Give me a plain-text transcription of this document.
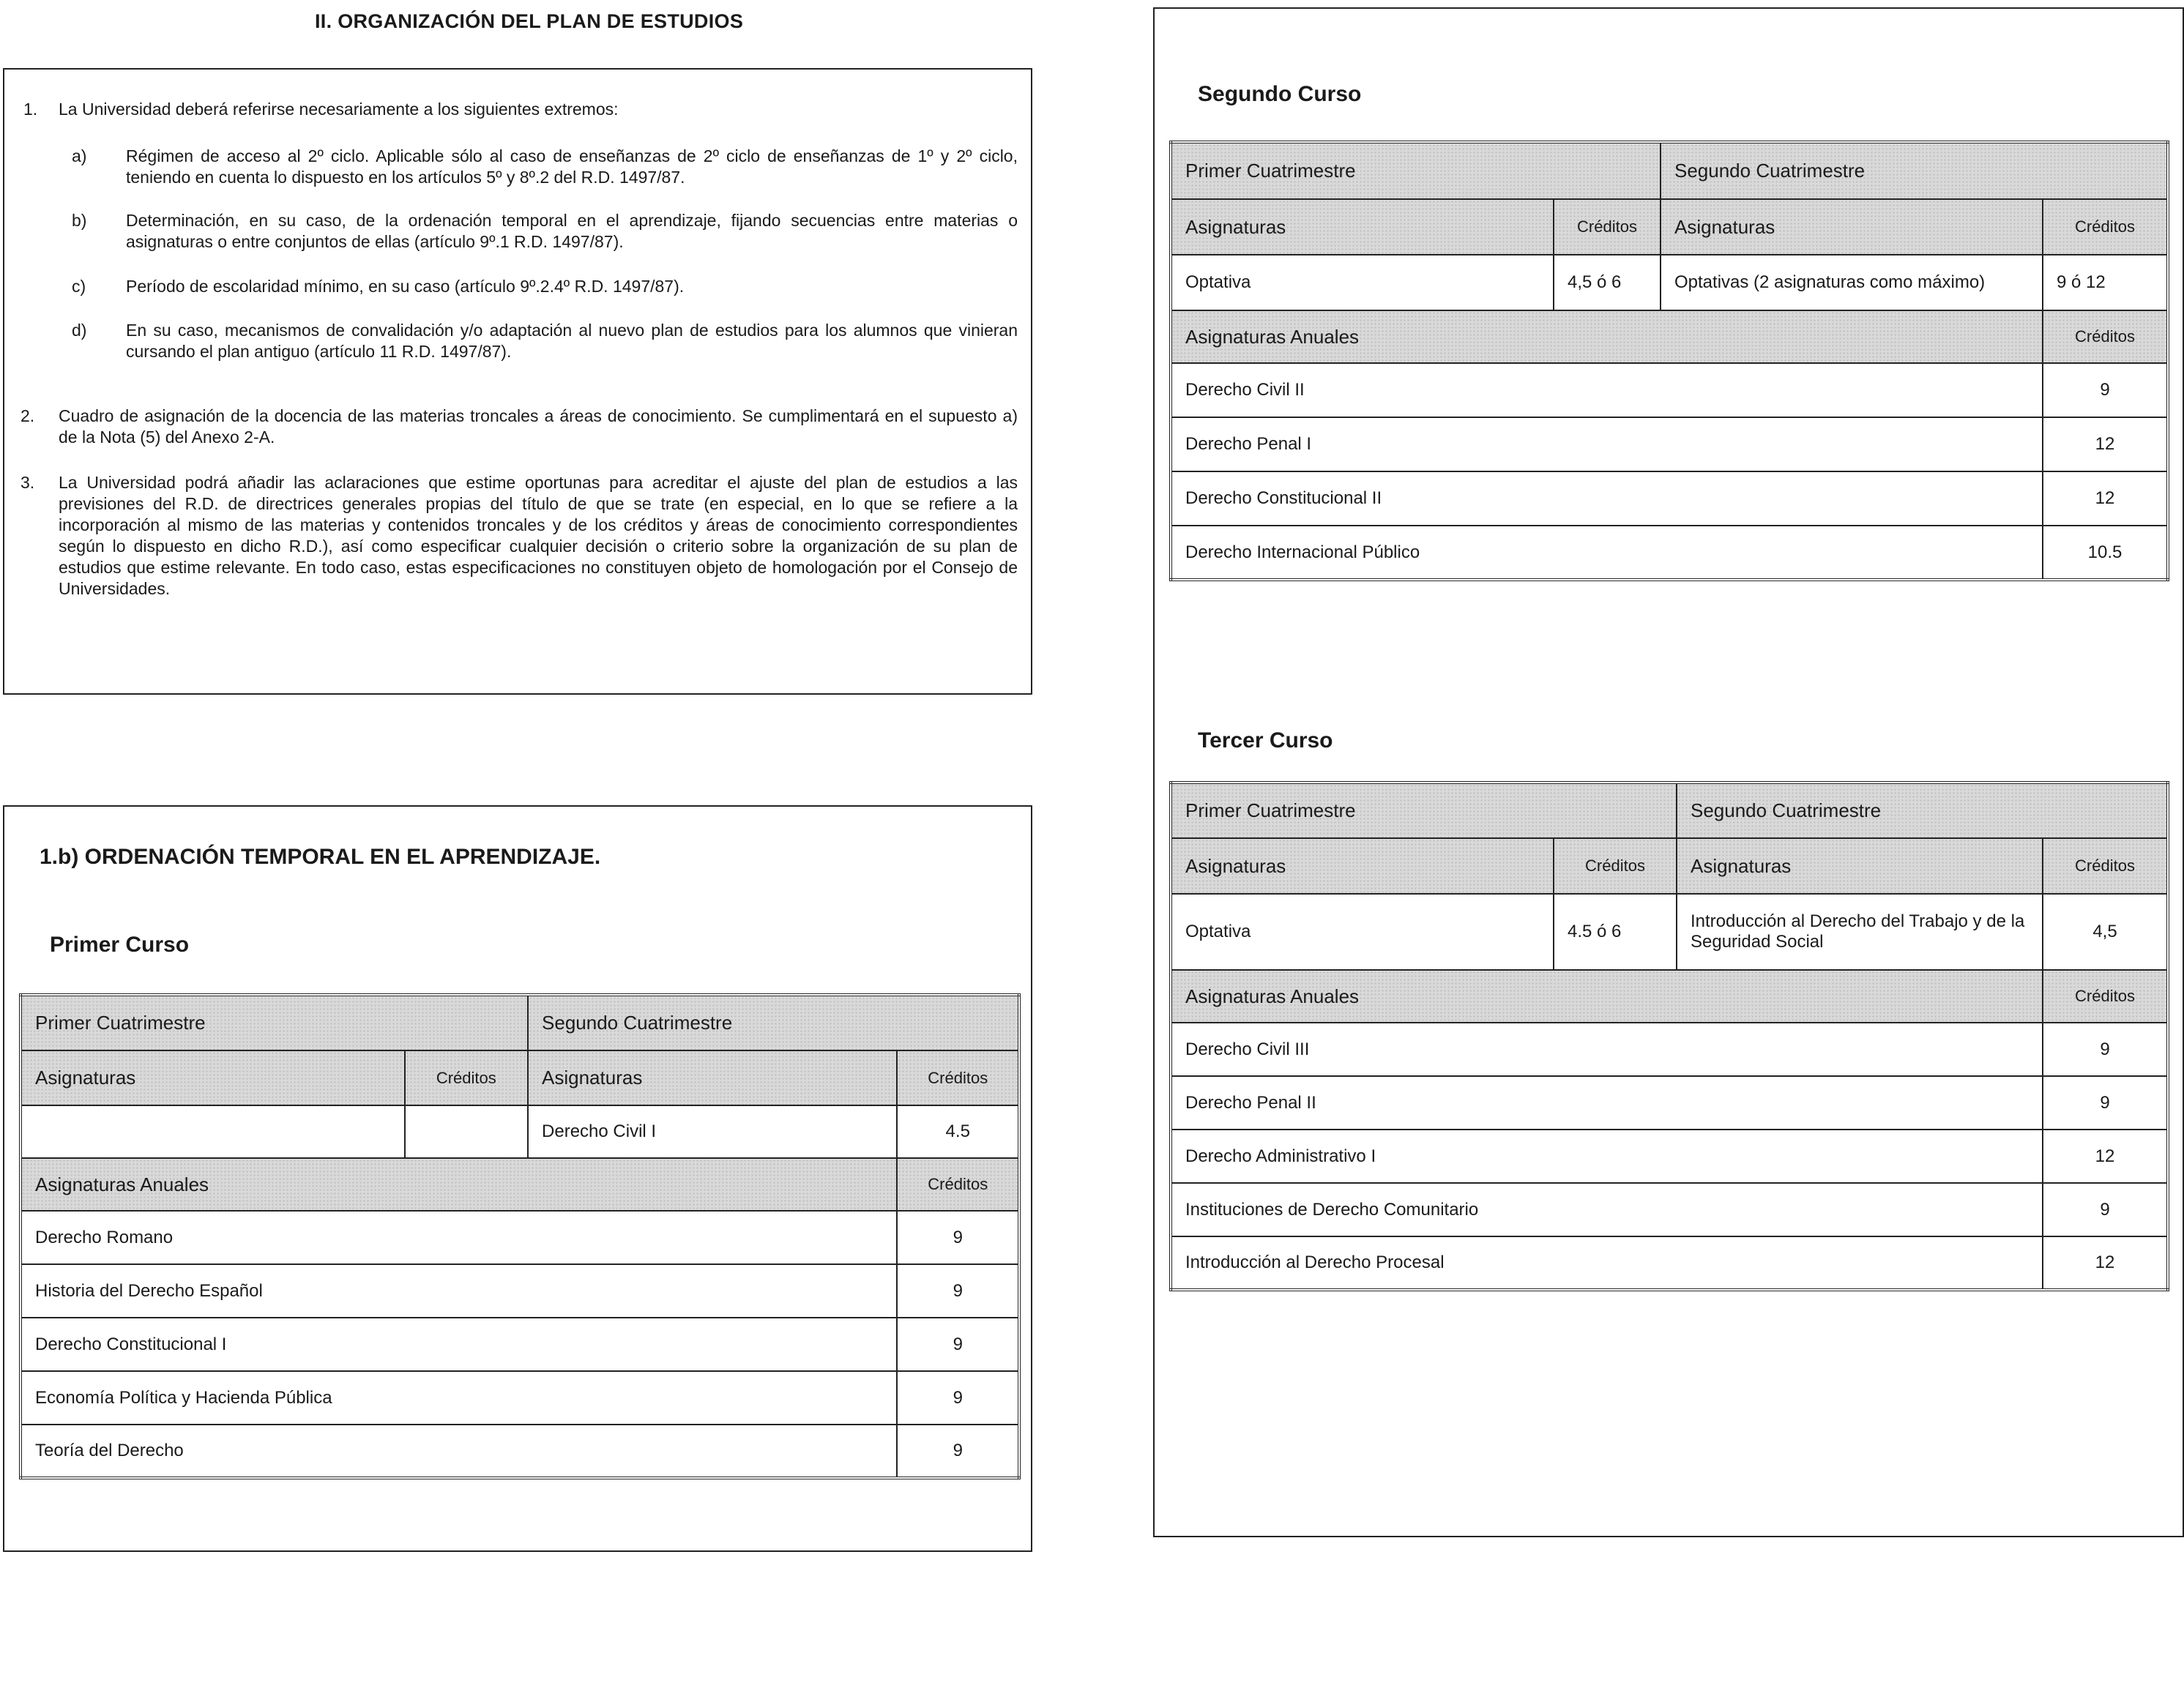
II. ORGANIZACIÓN DEL PLAN DE ESTUDIOS
1. La Universidad deberá referirse necesariamente a los siguientes extremos:
a) Régimen de acceso al 2º ciclo. Aplicable sólo al caso de enseñanzas de 2º ciclo de enseñanzas de 1º y 2º ciclo, teniendo en cuenta lo dispuesto en los artículos 5º y 8º.2 del R.D. 1497/87.
b) Determinación, en su caso, de la ordenación temporal en el aprendizaje, fijando secuencias entre materias o asignaturas o entre conjuntos de ellas (artículo 9º.1 R.D. 1497/87).
c) Período de escolaridad mínimo, en su caso (artículo 9º.2.4º R.D. 1497/87).
d) En su caso, mecanismos de convalidación y/o adaptación al nuevo plan de estudios para los alumnos que vinieran cursando el plan antiguo (artículo 11 R.D. 1497/87).
2. Cuadro de asignación de la docencia de las materias troncales a áreas de conocimiento. Se cumplimentará en el supuesto a) de la Nota (5) del Anexo 2-A.
3. La Universidad podrá añadir las aclaraciones que estime oportunas para acreditar el ajuste del plan de estudios a las previsiones del R.D. de directrices generales propias del título de que se trate (en especial, en lo que se refiere a la incorporación al mismo de las materias y contenidos troncales y de los créditos y áreas de conocimiento correspondientes según lo dispuesto en dicho R.D.), así como especificar cualquier decisión o criterio sobre la organización de su plan de estudios que estime relevante. En todo caso, estas especificaciones no constituyen objeto de homologación por el Consejo de Universidades.
1.b) ORDENACIÓN TEMPORAL EN EL APRENDIZAJE.
Primer Curso
Primer Cuatrimestre		Segundo Cuatrimestre	
Asignaturas	Créditos	Asignaturas	Créditos
		Derecho Civil I	4.5
Asignaturas Anuales			Créditos
Derecho Romano			9
Historia del Derecho Español			9
Derecho Constitucional I			9
Economía Política y Hacienda Pública			9
Teoría del Derecho			9
Segundo Curso
Primer Cuatrimestre		Segundo Cuatrimestre	
Asignaturas	Créditos	Asignaturas	Créditos
Optativa	4,5 ó 6	Optativas (2 asignaturas como máximo)	9 ó 12
Asignaturas Anuales			Créditos
Derecho Civil II			9
Derecho Penal I			12
Derecho Constitucional II			12
Derecho Internacional Público			10.5
Tercer Curso
Primer Cuatrimestre		Segundo Cuatrimestre	
Asignaturas	Créditos	Asignaturas	Créditos
Optativa	4.5 ó 6	Introducción al Derecho del Trabajo y de la Seguridad Social	4,5
Asignaturas Anuales			Créditos
Derecho Civil III			9
Derecho Penal II			9
Derecho Administrativo I			12
Instituciones de Derecho Comunitario			9
Introducción al Derecho Procesal			12
